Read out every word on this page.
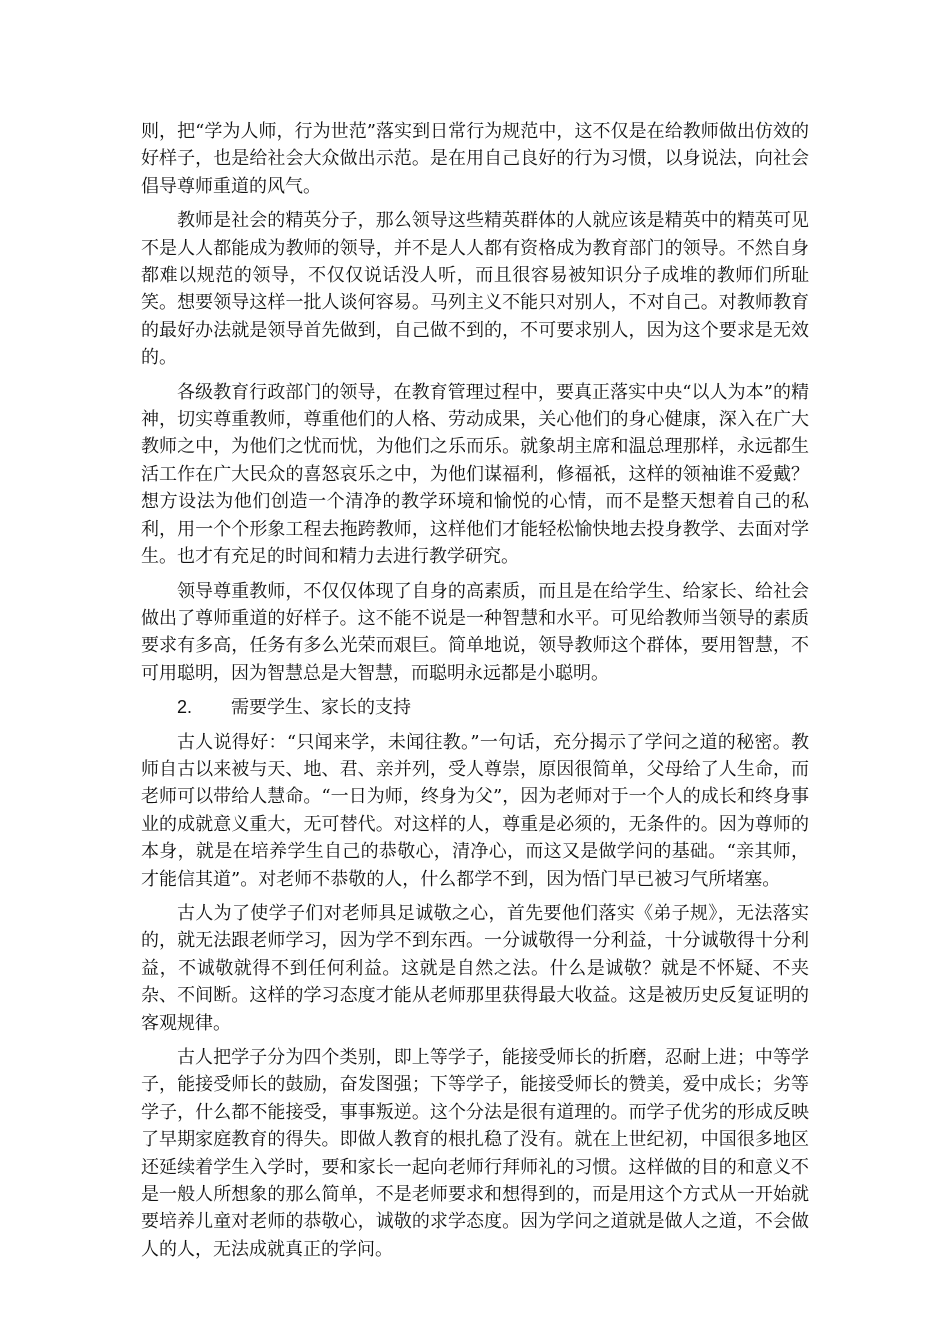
则，把“学为人师，行为世范”落实到日常行为规范中，这不仅是在给教师做出仿效的好样子，也是给社会大众做出示范。是在用自己良好的行为习惯，以身说法，向社会倡导尊师重道的风气。

教师是社会的精英分子，那么领导这些精英群体的人就应该是精英中的精英可见不是人人都能成为教师的领导，并不是人人都有资格成为教育部门的领导。不然自身都难以规范的领导，不仅仅说话没人听，而且很容易被知识分子成堆的教师们所耻笑。想要领导这样一批人谈何容易。马列主义不能只对别人，不对自己。对教师教育的最好办法就是领导首先做到，自己做不到的，不可要求别人，因为这个要求是无效的。

各级教育行政部门的领导，在教育管理过程中，要真正落实中央“以人为本”的精神，切实尊重教师，尊重他们的人格、劳动成果，关心他们的身心健康，深入在广大教师之中，为他们之忧而忧，为他们之乐而乐。就象胡主席和温总理那样，永远都生活工作在广大民众的喜怒哀乐之中，为他们谋福利，修福祇，这样的领袖谁不爱戴？想方设法为他们创造一个清净的教学环境和愉悦的心情，而不是整天想着自己的私利，用一个个形象工程去拖跨教师，这样他们才能轻松愉快地去投身教学、去面对学生。也才有充足的时间和精力去进行教学研究。

领导尊重教师，不仅仅体现了自身的高素质，而且是在给学生、给家长、给社会做出了尊师重道的好样子。这不能不说是一种智慧和水平。可见给教师当领导的素质要求有多高，任务有多么光荣而艰巨。简单地说，领导教师这个群体，要用智慧，不可用聪明，因为智慧总是大智慧，而聪明永远都是小聪明。

2.	需要学生、家长的支持

古人说得好：“只闻来学，未闻往教。”一句话，充分揭示了学问之道的秘密。教师自古以来被与天、地、君、亲并列，受人尊崇，原因很简单，父母给了人生命，而老师可以带给人慧命。“一日为师，终身为父”，因为老师对于一个人的成长和终身事业的成就意义重大，无可替代。对这样的人，尊重是必须的，无条件的。因为尊师的本身，就是在培养学生自己的恭敬心，清净心，而这又是做学问的基础。“亲其师，才能信其道”。对老师不恭敬的人，什么都学不到，因为悟门早已被习气所堵塞。

古人为了使学子们对老师具足诚敬之心，首先要他们落实《弟子规》，无法落实的，就无法跟老师学习，因为学不到东西。一分诚敬得一分利益，十分诚敬得十分利益，不诚敬就得不到任何利益。这就是自然之法。什么是诚敬？就是不怀疑、不夹杂、不间断。这样的学习态度才能从老师那里获得最大收益。这是被历史反复证明的客观规律。

古人把学子分为四个类别，即上等学子，能接受师长的折磨，忍耐上进；中等学子，能接受师长的鼓励，奋发图强；下等学子，能接受师长的赞美，爱中成长；劣等学子，什么都不能接受，事事叛逆。这个分法是很有道理的。而学子优劣的形成反映了早期家庭教育的得失。即做人教育的根扎稳了没有。就在上世纪初，中国很多地区还延续着学生入学时，要和家长一起向老师行拜师礼的习惯。这样做的目的和意义不是一般人所想象的那么简单，不是老师要求和想得到的，而是用这个方式从一开始就要培养儿童对老师的恭敬心，诚敬的求学态度。因为学问之道就是做人之道，不会做人的人，无法成就真正的学问。
